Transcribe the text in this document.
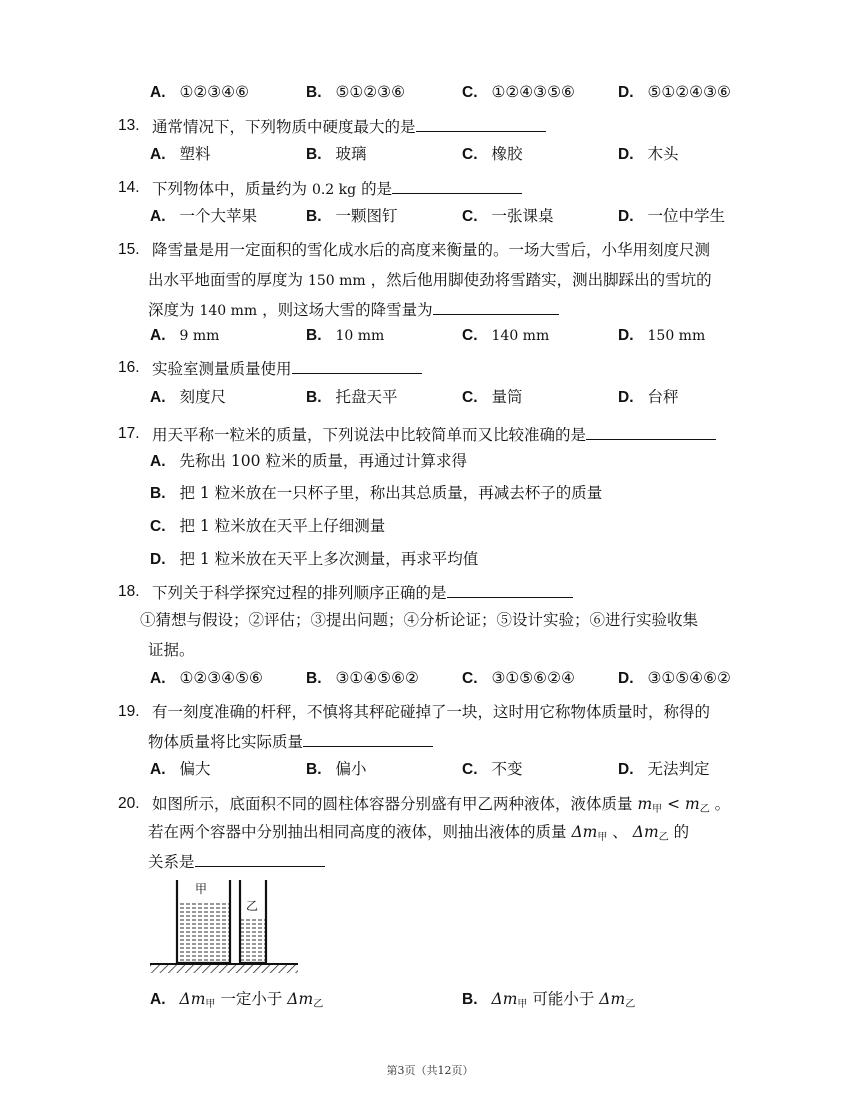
A. ①②③④⑥	B. ⑤①②③⑥	C. ①②④③⑤⑥	D. ⑤①②④③⑥
13. 通常情况下，下列物质中硬度最大的是
A. 塑料	B. 玻璃	C. 橡胶	D. 木头
14. 下列物体中，质量约为 0.2 kg 的是
A. 一个大苹果	B. 一颗图钉	C. 一张课桌	D. 一位中学生
15. 降雪量是用一定面积的雪化成水后的高度来衡量的。一场大雪后，小华用刻度尺测
出水平地面雪的厚度为 150 mm ，然后他用脚使劲将雪踏实，测出脚踩出的雪坑的
深度为 140 mm ，则这场大雪的降雪量为
A. 9 mm	B. 10 mm	C. 140 mm	D. 150 mm
16. 实验室测量质量使用
A. 刻度尺	B. 托盘天平	C. 量筒	D. 台秤
17. 用天平称一粒米的质量，下列说法中比较简单而又比较准确的是
A. 先称出 100 粒米的质量，再通过计算求得
B. 把 1 粒米放在一只杯子里，称出其总质量，再减去杯子的质量
C. 把 1 粒米放在天平上仔细测量
D. 把 1 粒米放在天平上多次测量，再求平均值
18. 下列关于科学探究过程的排列顺序正确的是
①猜想与假设；②评估；③提出问题；④分析论证；⑤设计实验；⑥进行实验收集
证据。
A. ①②③④⑤⑥	B. ③①④⑤⑥②	C. ③①⑤⑥②④	D. ③①⑤④⑥②
19. 有一刻度准确的杆秤，不慎将其秤砣碰掉了一块，这时用它称物体质量时，称得的
物体质量将比实际质量
A. 偏大	B. 偏小	C. 不变	D. 无法判定
20. 如图所示，底面积不同的圆柱体容器分别盛有甲乙两种液体，液体质量 $m_甲 < m_乙$ 。
若在两个容器中分别抽出相同高度的液体，则抽出液体的质量 $\Delta m_甲$ 、 $\Delta m_乙$ 的
关系是
甲
乙
A. $\Delta m_甲$ 一定小于 $\Delta m_乙$	B. $\Delta m_甲$ 可能小于 $\Delta m_乙$
第3页（共12页）
